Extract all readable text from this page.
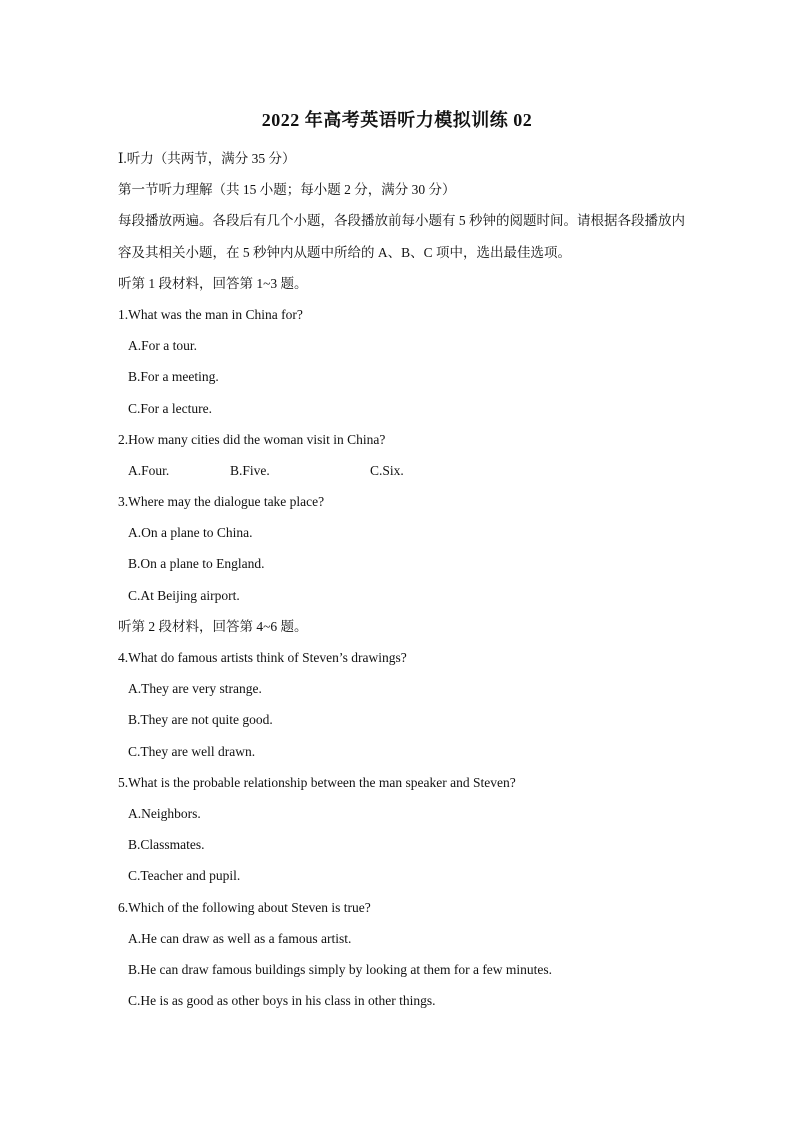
2022 年高考英语听力模拟训练 02
Ⅰ.听力（共两节，满分 35 分）
第一节听力理解（共 15 小题；每小题 2 分，满分 30 分）
每段播放两遍。各段后有几个小题，各段播放前每小题有 5 秒钟的阅题时间。请根据各段播放内容及其相关小题，在 5 秒钟内从题中所给的 A、B、C 项中，选出最佳选项。
听第 1 段材料，回答第 1~3 题。
1.What was the man in China for?
A.For a tour.
B.For a meeting.
C.For a lecture.
2.How many cities did the woman visit in China?
A.Four.	B.Five.	C.Six.
3.Where may the dialogue take place?
A.On a plane to China.
B.On a plane to England.
C.At Beijing airport.
听第 2 段材料，回答第 4~6 题。
4.What do famous artists think of Steven’s drawings?
A.They are very strange.
B.They are not quite good.
C.They are well drawn.
5.What is the probable relationship between the man speaker and Steven?
A.Neighbors.
B.Classmates.
C.Teacher and pupil.
6.Which of the following about Steven is true?
A.He can draw as well as a famous artist.
B.He can draw famous buildings simply by looking at them for a few minutes.
C.He is as good as other boys in his class in other things.
